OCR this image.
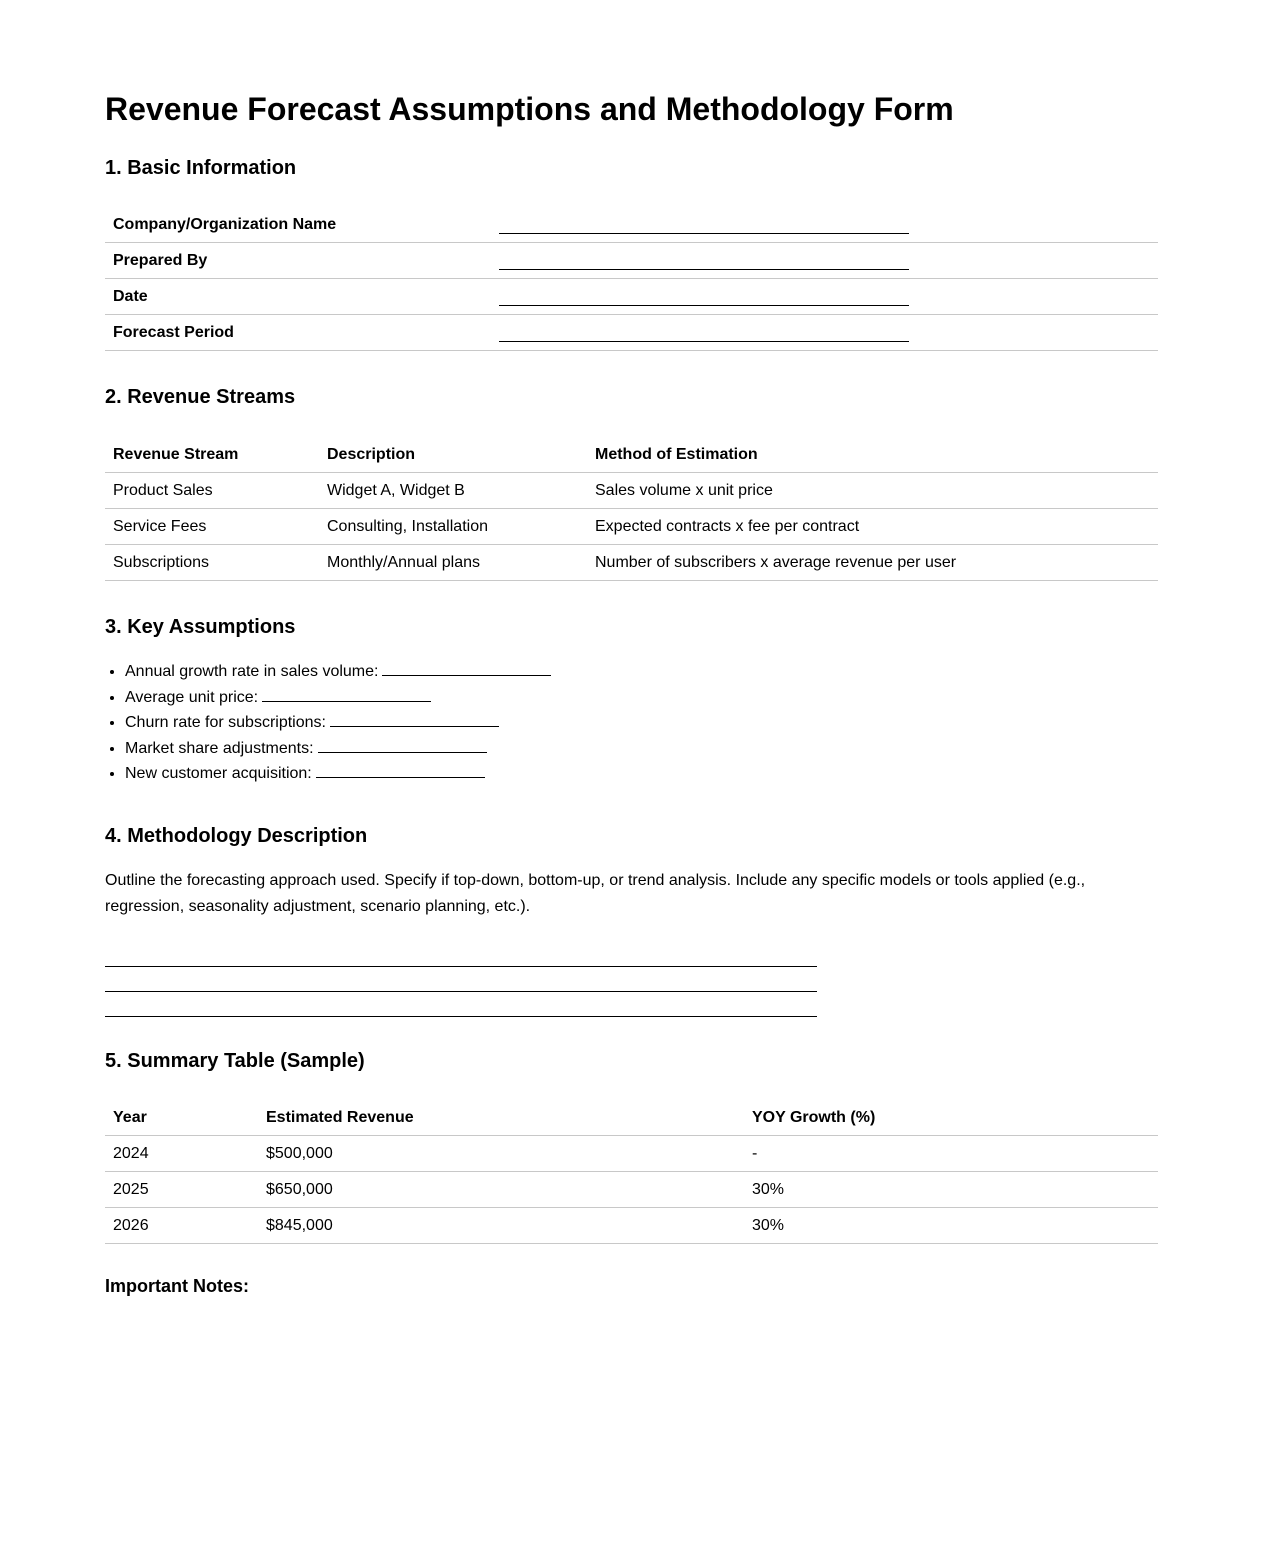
Revenue Forecast Assumptions and Methodology Form
1. Basic Information
Company/Organization Name	
Prepared By	
Date	
Forecast Period	
2. Revenue Streams
Revenue Stream	Description	Method of Estimation
Product Sales	Widget A, Widget B	Sales volume x unit price
Service Fees	Consulting, Installation	Expected contracts x fee per contract
Subscriptions	Monthly/Annual plans	Number of subscribers x average revenue per user
3. Key Assumptions
• Annual growth rate in sales volume:
• Average unit price:
• Churn rate for subscriptions:
• Market share adjustments:
• New customer acquisition:
4. Methodology Description

Outline the forecasting approach used. Specify if top-down, bottom-up, or trend analysis. Include any specific models or tools applied (e.g., regression, seasonality adjustment, scenario planning, etc.).

5. Summary Table (Sample)
Year	Estimated Revenue	YOY Growth (%)
2024	$500,000	-
2025	$650,000	30%
2026	$845,000	30%

Important Notes:
